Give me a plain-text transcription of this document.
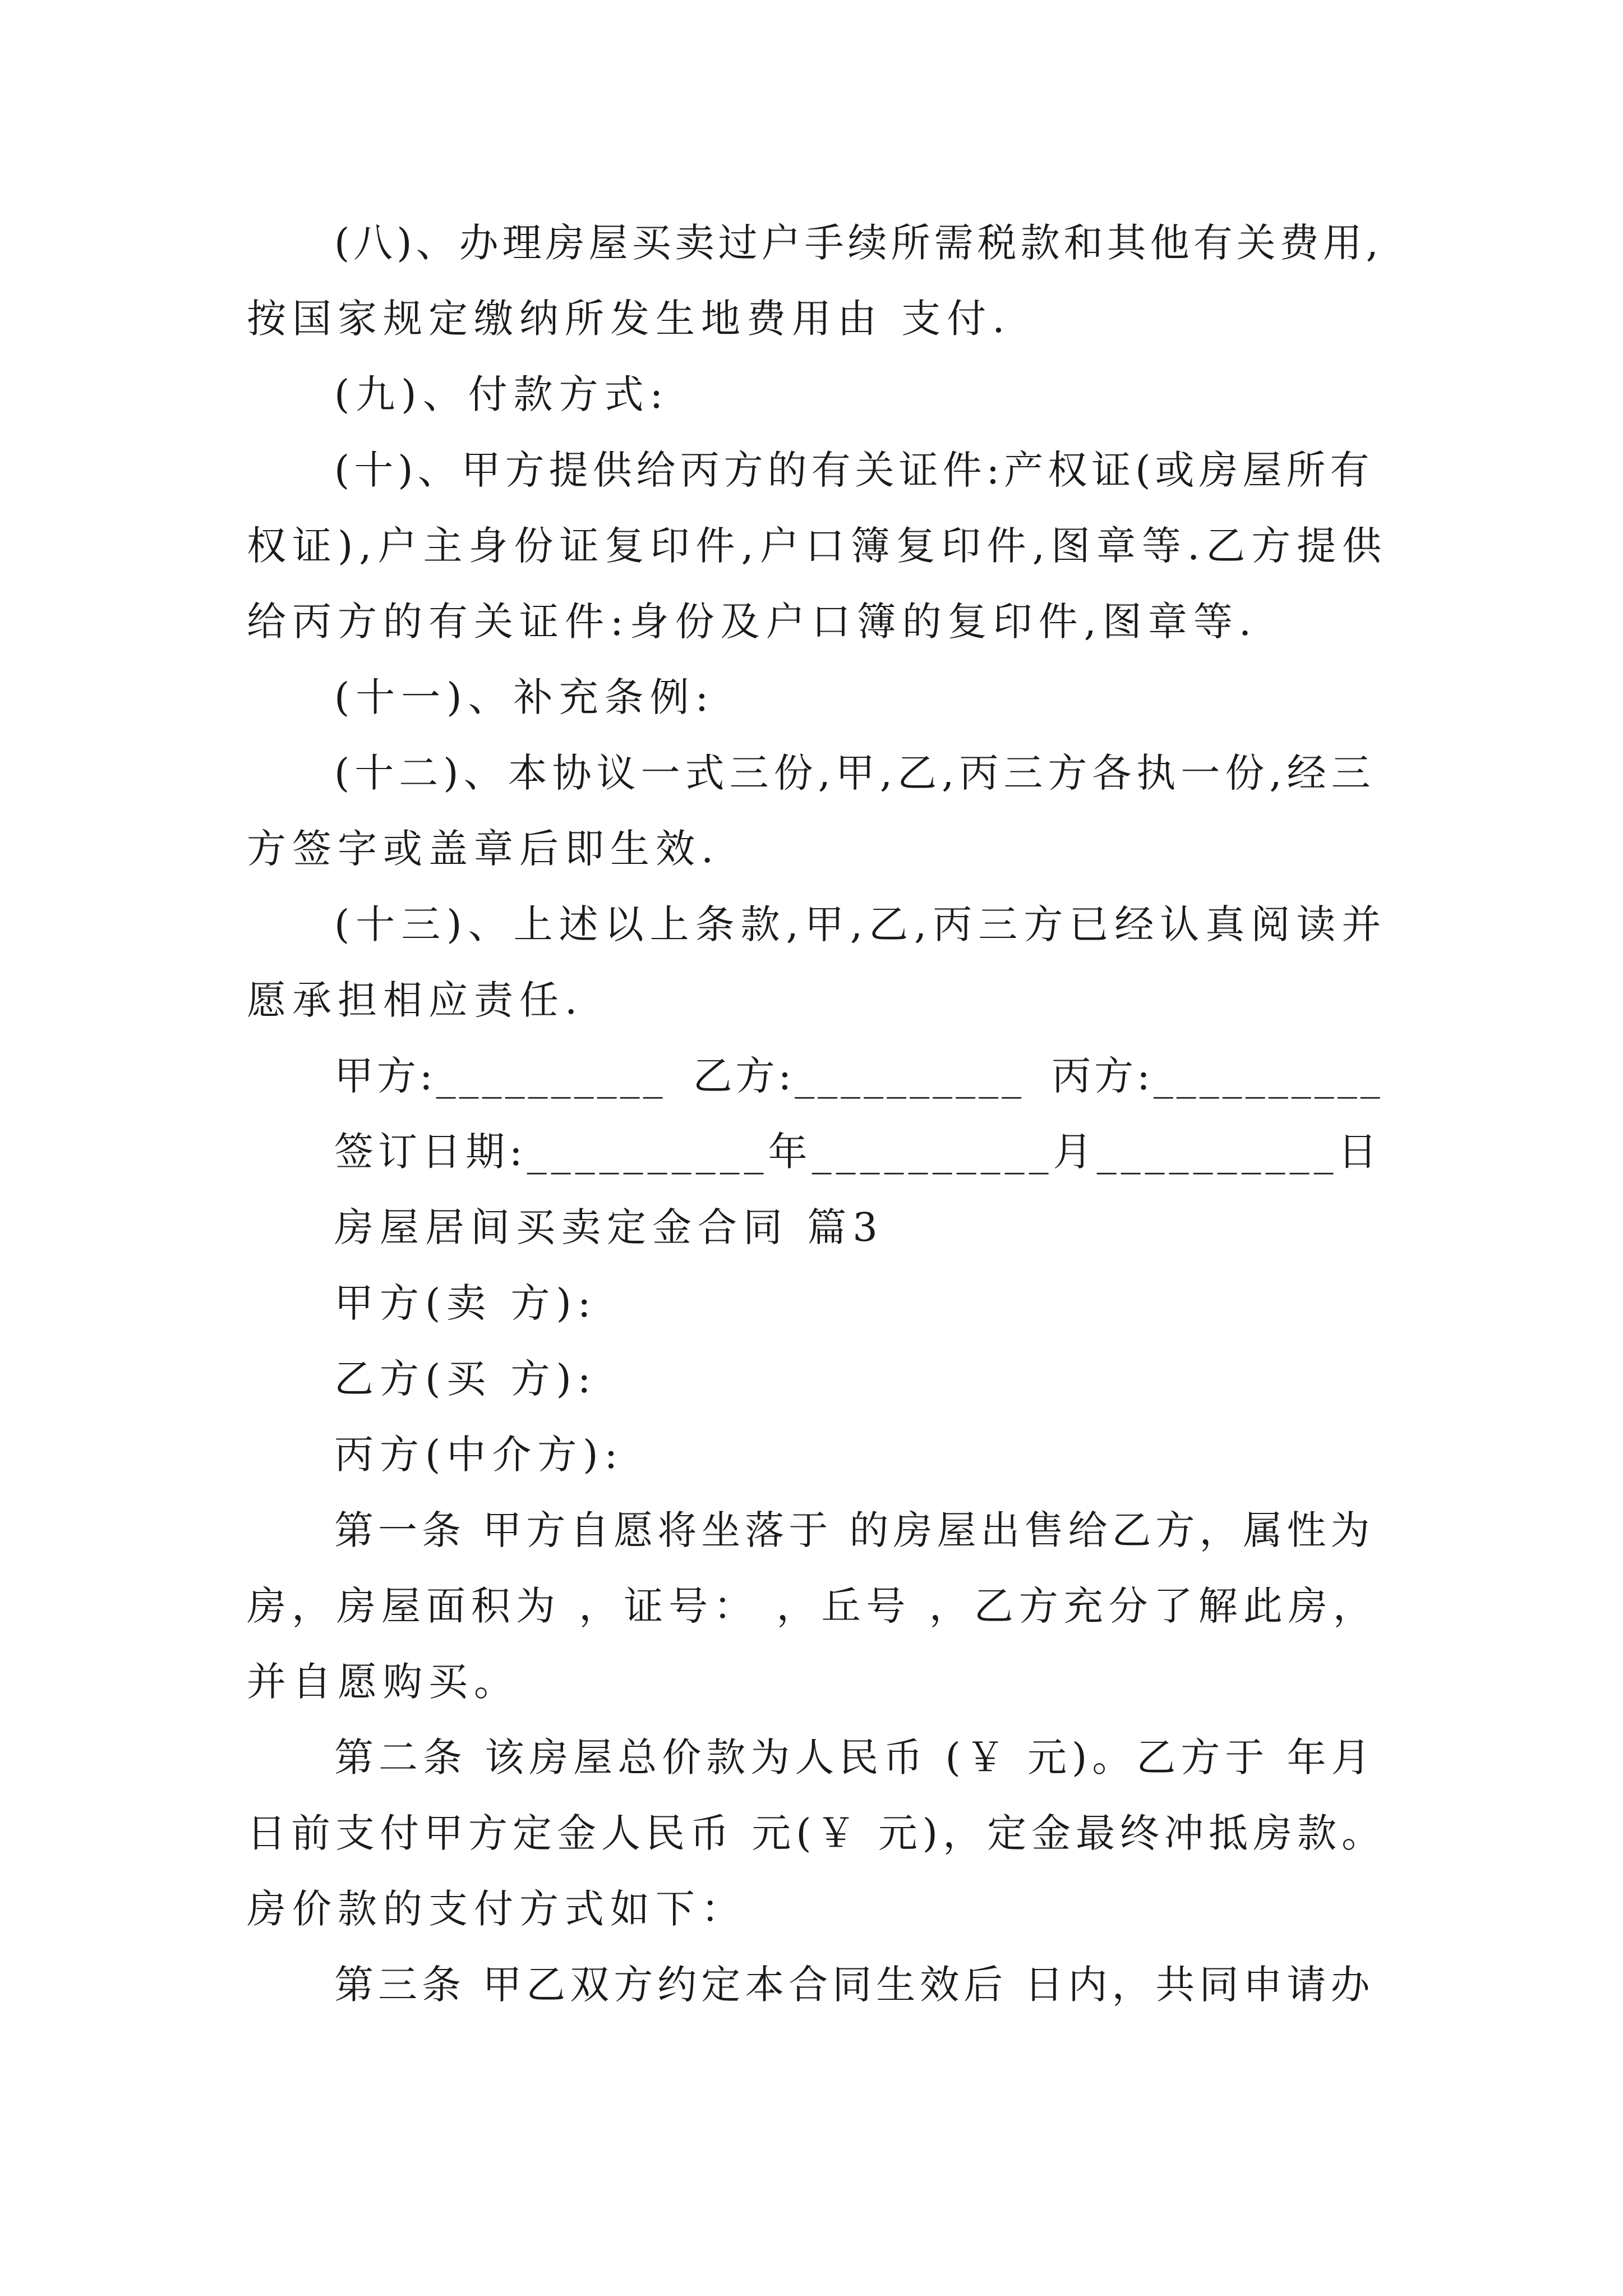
(八)、办理房屋买卖过户手续所需税款和其他有关费用,
按国家规定缴纳所发生地费用由 支付.
(九)、付款方式:
(十)、甲方提供给丙方的有关证件:产权证(或房屋所有
权证),户主身份证复印件,户口簿复印件,图章等.乙方提供
给丙方的有关证件:身份及户口簿的复印件,图章等.
(十一)、补充条例:
(十二)、本协议一式三份,甲,乙,丙三方各执一份,经三
方签字或盖章后即生效.
(十三)、上述以上条款,甲,乙,丙三方已经认真阅读并
愿承担相应责任.
甲方:__________ 乙方:__________ 丙方:__________
签订日期:__________年__________月__________日
房屋居间买卖定金合同 篇3
甲方(卖 方):
乙方(买 方):
丙方(中介方):
第一条 甲方自愿将坐落于 的房屋出售给乙方，属性为
房，房屋面积为 ，证号： ，丘号 ，乙方充分了解此房，
并自愿购买。
第二条 该房屋总价款为人民币 (￥ 元)。乙方于 年月
日前支付甲方定金人民币 元(￥ 元)，定金最终冲抵房款。
房价款的支付方式如下：
第三条 甲乙双方约定本合同生效后 日内，共同申请办
